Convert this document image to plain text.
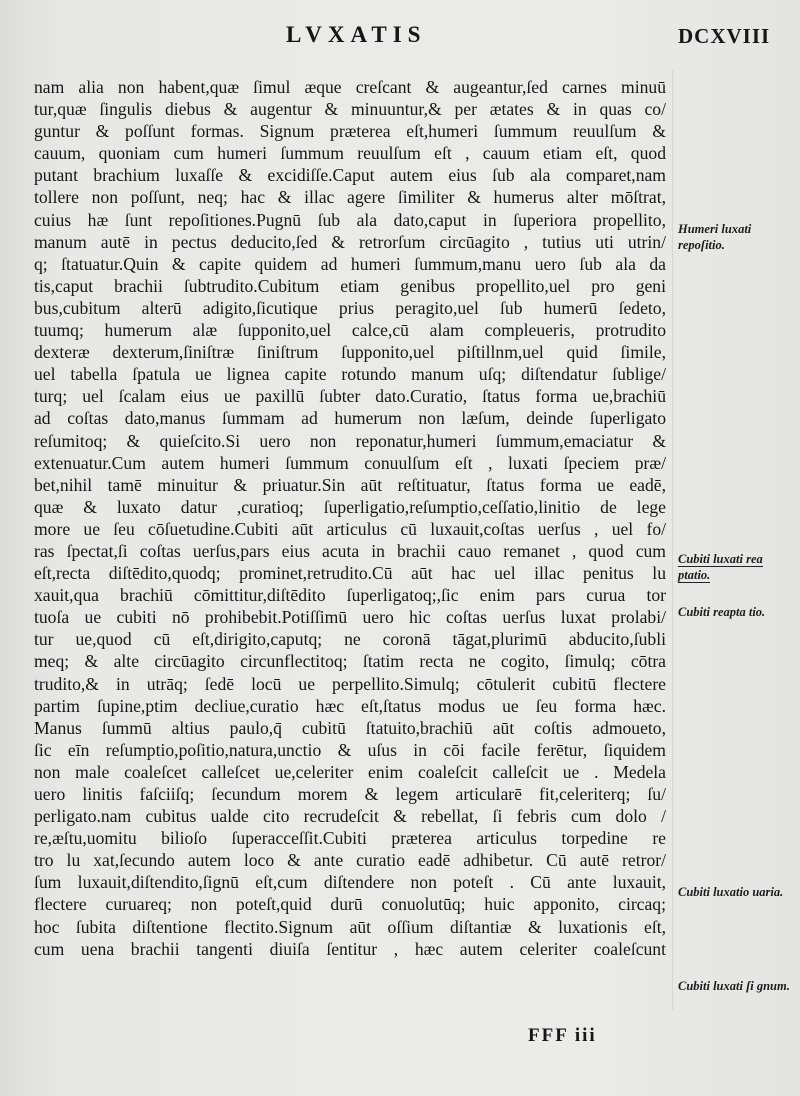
LVXATIS	DCXVIII
nam alia non habent,quæ ſimul æque creſcant & augeantur,ſed carnes minuū
tur,quæ ſingulis diebus & augentur & minuuntur,& per ætates & in quas co/
guntur & poſſunt formas. Signum præterea eſt,humeri ſummum reuulſum &
cauum, quoniam cum humeri ſummum reuulſum eſt , cauum etiam eſt, quod
putant brachium luxaſſe & excidiſſe.Caput autem eius ſub ala comparet,nam
tollere non poſſunt, neq; hac & illac agere ſimiliter & humerus alter mōſtrat,
cuius hæ ſunt repoſitiones.Pugnū ſub ala dato,caput in ſuperiora propellito,
manum autē in pectus deducito,ſed & retrorſum circūagito , tutius uti utrin/
q; ſtatuatur.Quin & capite quidem ad humeri ſummum,manu uero ſub ala da
tis,caput brachii ſubtrudito.Cubitum etiam genibus propellito,uel pro geni
bus,cubitum alterū adigito,ſicutique prius peragito,uel ſub humerū ſedeto,
tuumq; humerum alæ ſupponito,uel calce,cū alam compleueris, protrudito
dexteræ dexterum,ſiniſtræ ſiniſtrum ſupponito,uel piſtillnm,uel quid ſimile,
uel tabella ſpatula ue lignea capite rotundo manum uſq; diſtendatur ſublige/
turq; uel ſcalam eius ue paxillū ſubter dato.Curatio, ſtatus forma ue,brachiū
ad coſtas dato,manus ſummam ad humerum non læſum, deinde ſuperligato
reſumitoq; & quieſcito.Si uero non reponatur,humeri ſummum,emaciatur &
extenuatur.Cum autem humeri ſummum conuulſum eſt , luxati ſpeciem præ/
bet,nihil tamē minuitur & priuatur.Sin aūt reſtituatur, ſtatus forma ue eadē,
quæ & luxato datur ,curatioq; ſuperligatio,reſumptio,ceſſatio,linitio de lege
more ue ſeu cōſuetudine.Cubiti aūt articulus cū luxauit,coſtas uerſus , uel fo/
ras ſpectat,ſi coſtas uerſus,pars eius acuta in brachii cauo remanet , quod cum
eſt,recta diſtēdito,quodq; prominet,retrudito.Cū aūt hac uel illac penitus lu
xauit,qua brachiū cōmittitur,diſtēdito ſuperligatoq;,ſic enim pars curua tor
tuoſa ue cubiti nō prohibebit.Potiſſimū uero hic coſtas uerſus luxat prolabi/
tur ue,quod cū eſt,dirigito,caputq; ne coronā tāgat,plurimū abducito,ſubli
meq; & alte circūagito circunflectitoq; ſtatim recta ne cogito, ſimulq; cōtra
trudito,& in utrāq; ſedē locū ue perpellito.Simulq; cōtulerit cubitū flectere
partim ſupine,ptim decliue,curatio hæc eſt,ſtatus modus ue ſeu forma hæc.
Manus ſummū altius paulo,q̄ cubitū ſtatuito,brachiū aūt coſtis admoueto,
ſic eīn reſumptio,poſitio,natura,unctio & uſus in cōi facile ferētur, ſiquidem
non male coaleſcet calleſcet ue,celeriter enim coaleſcit calleſcit ue . Medela
uero linitis faſciiſq; ſecundum morem & legem articularē fit,celeriterq; ſu/
perligato.nam cubitus ualde cito recrudeſcit & rebellat, ſi febris cum dolo /
re,æſtu,uomitu bilioſo ſuperacceſſit.Cubiti præterea articulus torpedine re
tro lu xat,ſecundo autem loco & ante curatio eadē adhibetur. Cū autē retror/
ſum luxauit,diſtendito,ſignū eſt,cum diſtendere non poteſt . Cū ante luxauit,
flectere curuareq; non poteſt,quid durū conuolutūq; huic apponito, circaq;
hoc ſubita diſtentione flectito.Signum aūt oſſium diſtantiæ & luxationis eſt,
cum uena brachii tangenti diuiſa ſentitur , hæc autem celeriter coaleſcunt
Humeri luxati repoſitio.
Cubiti luxati rea ptatio.
Cubiti reapta tio.
Cubiti luxatio uaria.
Cubiti luxati ſi gnum.
FFF iii
